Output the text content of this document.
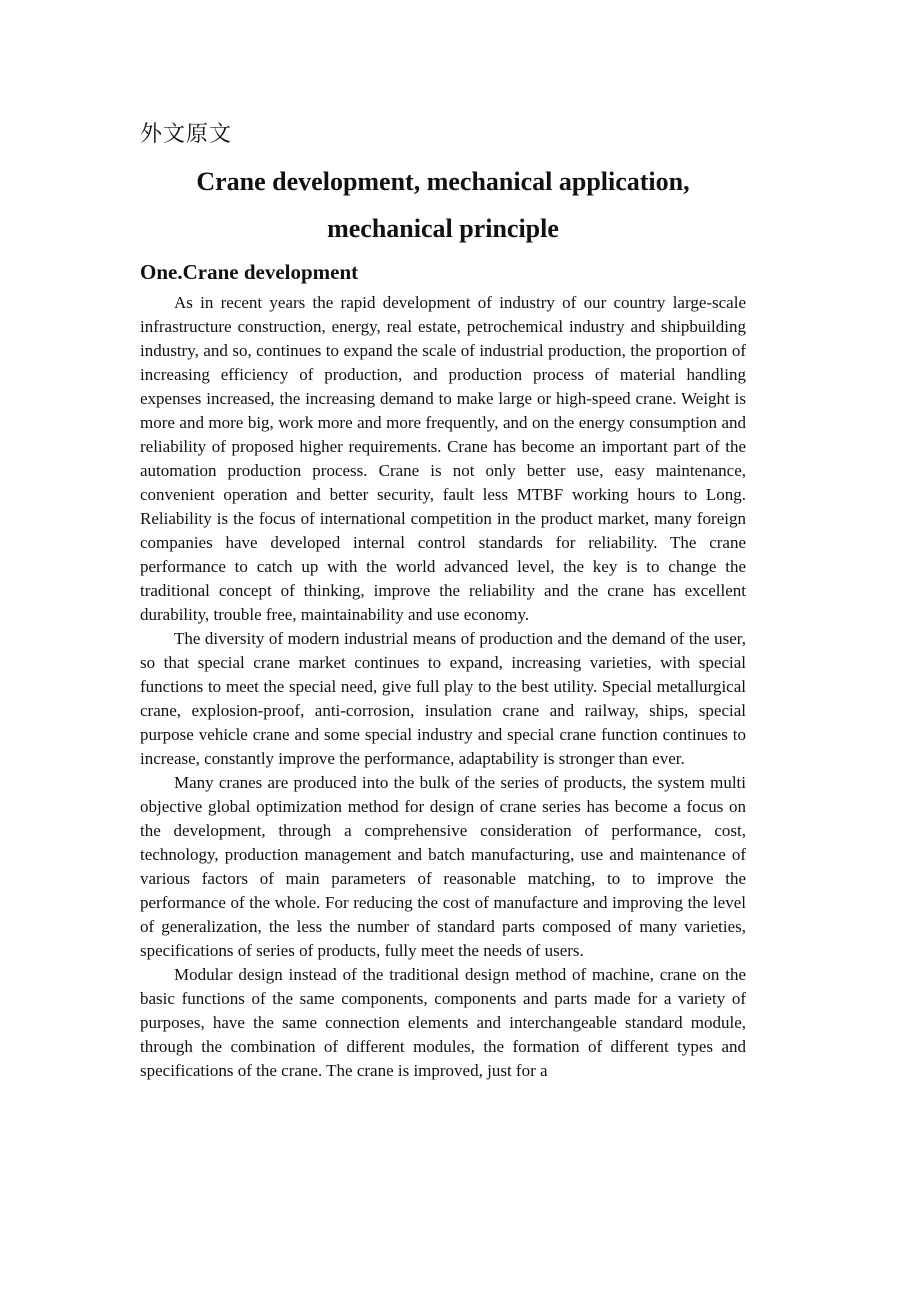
外文原文

Crane development, mechanical application,
mechanical principle
One.Crane development

As in recent years the rapid development of industry of our country large-scale infrastructure construction, energy, real estate, petrochemical industry and shipbuilding industry, and so, continues to expand the scale of industrial production, the proportion of increasing efficiency of production, and production process of material handling expenses increased, the increasing demand to make large or high-speed crane. Weight is more and more big, work more and more frequently, and on the energy consumption and reliability of proposed higher requirements. Crane has become an important part of the automation production process. Crane is not only better use, easy maintenance, convenient operation and better security, fault less MTBF working hours to Long. Reliability is the focus of international competition in the product market, many foreign companies have developed internal control standards for reliability. The crane performance to catch up with the world advanced level, the key is to change the traditional concept of thinking, improve the reliability and the crane has excellent durability, trouble free, maintainability and use economy.

The diversity of modern industrial means of production and the demand of the user, so that special crane market continues to expand, increasing varieties, with special functions to meet the special need, give full play to the best utility. Special metallurgical crane, explosion-proof, anti-corrosion, insulation crane and railway, ships, special purpose vehicle crane and some special industry and special crane function continues to increase, constantly improve the performance, adaptability is stronger than ever.

Many cranes are produced into the bulk of the series of products, the system multi objective global optimization method for design of crane series has become a focus on the development, through a comprehensive consideration of performance, cost, technology, production management and batch manufacturing, use and maintenance of various factors of main parameters of reasonable matching, to to improve the performance of the whole. For reducing the cost of manufacture and improving the level of generalization, the less the number of standard parts composed of many varieties, specifications of series of products, fully meet the needs of users.

Modular design instead of the traditional design method of machine, crane on the basic functions of the same components, components and parts made for a variety of purposes, have the same connection elements and interchangeable standard module, through the combination of different modules, the formation of different types and specifications of the crane. The crane is improved, just for a
